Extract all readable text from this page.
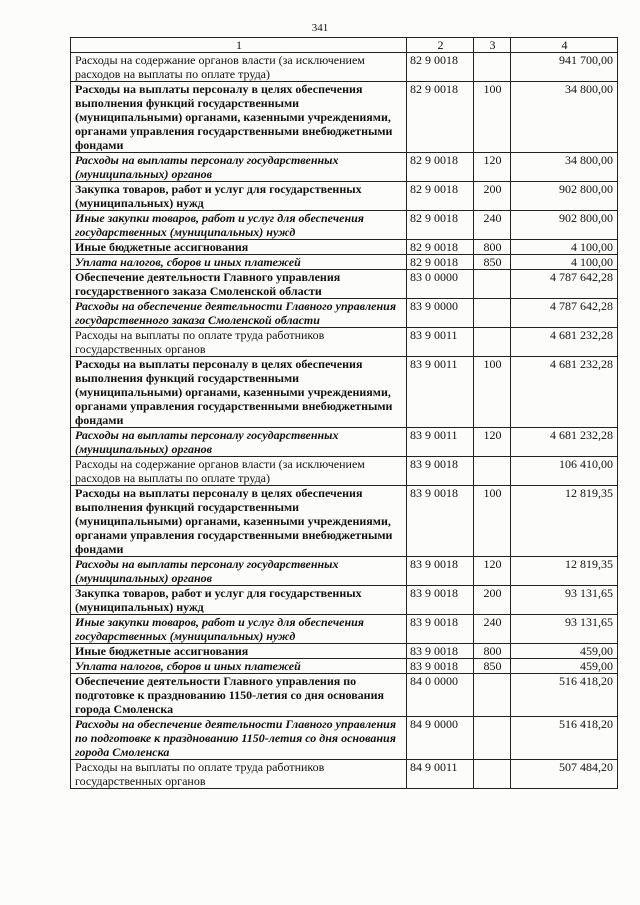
341
1	2	3	4
Расходы на содержание органов власти (за исключением расходов на выплаты по оплате труда)	82 9 0018		941 700,00
Расходы на выплаты персоналу в целях обеспечения выполнения функций государственными (муниципальными) органами, казенными учреждениями, органами управления государственными внебюджетными фондами	82 9 0018	100	34 800,00
Расходы на выплаты персоналу государственных (муниципальных) органов	82 9 0018	120	34 800,00
Закупка товаров, работ и услуг для государственных (муниципальных) нужд	82 9 0018	200	902 800,00
Иные закупки товаров, работ и услуг для обеспечения государственных (муниципальных) нужд	82 9 0018	240	902 800,00
Иные бюджетные ассигнования	82 9 0018	800	4 100,00
Уплата налогов, сборов и иных платежей	82 9 0018	850	4 100,00
Обеспечение деятельности Главного управления государственного заказа Смоленской области	83 0 0000		4 787 642,28
Расходы на обеспечение деятельности Главного управления государственного заказа Смоленской области	83 9 0000		4 787 642,28
Расходы на выплаты по оплате труда работников государственных органов	83 9 0011		4 681 232,28
Расходы на выплаты персоналу в целях обеспечения выполнения функций государственными (муниципальными) органами, казенными учреждениями, органами управления государственными внебюджетными фондами	83 9 0011	100	4 681 232,28
Расходы на выплаты персоналу государственных (муниципальных) органов	83 9 0011	120	4 681 232,28
Расходы на содержание органов власти (за исключением расходов на выплаты по оплате труда)	83 9 0018		106 410,00
Расходы на выплаты персоналу в целях обеспечения выполнения функций государственными (муниципальными) органами, казенными учреждениями, органами управления государственными внебюджетными фондами	83 9 0018	100	12 819,35
Расходы на выплаты персоналу государственных (муниципальных) органов	83 9 0018	120	12 819,35
Закупка товаров, работ и услуг для государственных (муниципальных) нужд	83 9 0018	200	93 131,65
Иные закупки товаров, работ и услуг для обеспечения государственных (муниципальных) нужд	83 9 0018	240	93 131,65
Иные бюджетные ассигнования	83 9 0018	800	459,00
Уплата налогов, сборов и иных платежей	83 9 0018	850	459,00
Обеспечение деятельности Главного управления по подготовке к празднованию 1150-летия со дня основания города Смоленска	84 0 0000		516 418,20
Расходы на обеспечение деятельности Главного управления по подготовке к празднованию 1150-летия со дня основания города Смоленска	84 9 0000		516 418,20
Расходы на выплаты по оплате труда работников государственных органов	84 9 0011		507 484,20
